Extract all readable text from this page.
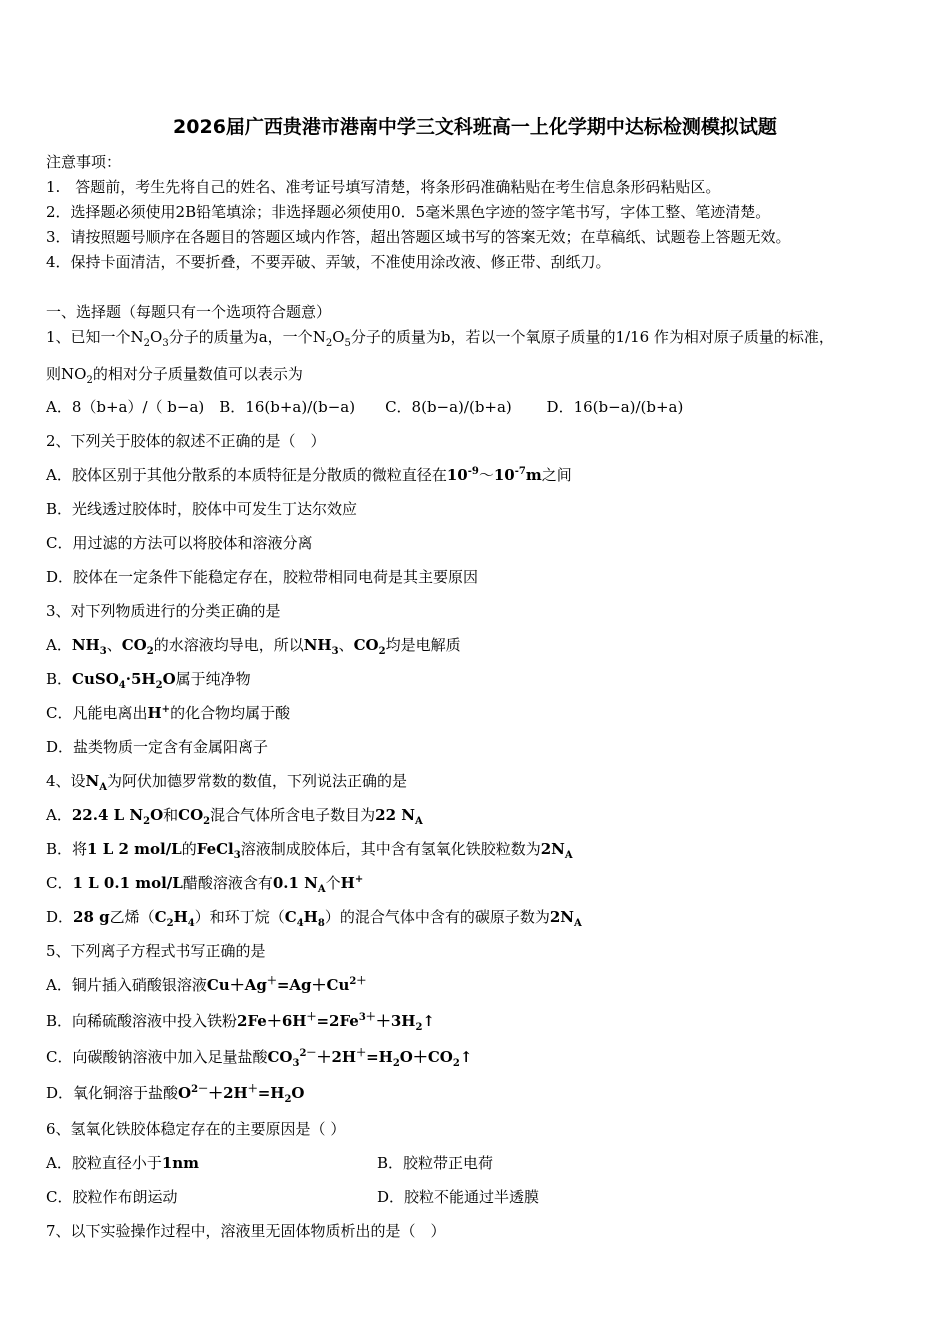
2026届广西贵港市港南中学三文科班高一上化学期中达标检测模拟试题
注意事项：
1.　答题前，考生先将自己的姓名、准考证号填写清楚，将条形码准确粘贴在考生信息条形码粘贴区。
2．选择题必须使用2B铅笔填涂；非选择题必须使用0．5毫米黑色字迹的签字笔书写，字体工整、笔迹清楚。
3．请按照题号顺序在各题目的答题区域内作答，超出答题区域书写的答案无效；在草稿纸、试题卷上答题无效。
4．保持卡面清洁，不要折叠，不要弄破、弄皱，不准使用涂改液、修正带、刮纸刀。
一、选择题（每题只有一个选项符合题意）
1、已知一个$N_2O_3$分子的质量为a，一个$N_2O_5$分子的质量为b，若以一个氧原子质量的1/16 作为相对原子质量的标准，
则$NO_2$的相对分子质量数值可以表示为
A．8（b+a）/（ b−a)　B．16(b+a)/(b−a)　　C．8(b−a)/(b+a)　　 D．16(b−a)/(b+a)
2、下列关于胶体的叙述不正确的是（　）
A．胶体区别于其他分散系的本质特征是分散质的微粒直径在$10^{-9}\sim 10^{-7}m$之间
B．光线透过胶体时，胶体中可发生丁达尔效应
C．用过滤的方法可以将胶体和溶液分离
D．胶体在一定条件下能稳定存在，胶粒带相同电荷是其主要原因
3、对下列物质进行的分类正确的是
A．$NH_3$、$CO_2$的水溶液均导电，所以$NH_3$、$CO_2$均是电解质
B．$CuSO_4\cdot 5H_2O$属于纯净物
C．凡能电离出H+的化合物均属于酸
D．盐类物质一定含有金属阳离子
4、设$N_A$为阿伏加德罗常数的数值，下列说法正确的是
A．22.4 L $N_2O$和$CO_2$混合气体所含电子数目为22 $N_A$
B．将1 L 2 mol/L的FeCl$_3$溶液制成胶体后，其中含有氢氧化铁胶粒数为$2N_A$
C．1 L 0.1 mol/L醋酸溶液含有0.1 $N_A$个H+
D．28 g乙烯$(C_2H_4)$和环丁烷$(C_4H_8)$的混合气体中含有的碳原子数为$2N_A$
5、下列离子方程式书写正确的是
A．铜片插入硝酸银溶液$Cu+Ag^+=Ag+Cu^{2+}$
B．向稀硫酸溶液中投入铁粉$2Fe+6H^+=2Fe^{3+}+3H_2↑$
C．向碳酸钠溶液中加入足量盐酸$CO_3^{2-}+2H^+=H_2O+CO_2↑$
D．氧化铜溶于盐酸$O^{2-}+2H^+=H_2O$
6、氢氧化铁胶体稳定存在的主要原因是（ ）
A．胶粒直径小于1nm	B．胶粒带正电荷
C．胶粒作布朗运动	D．胶粒不能通过半透膜
7、以下实验操作过程中，溶液里无固体物质析出的是（　）
